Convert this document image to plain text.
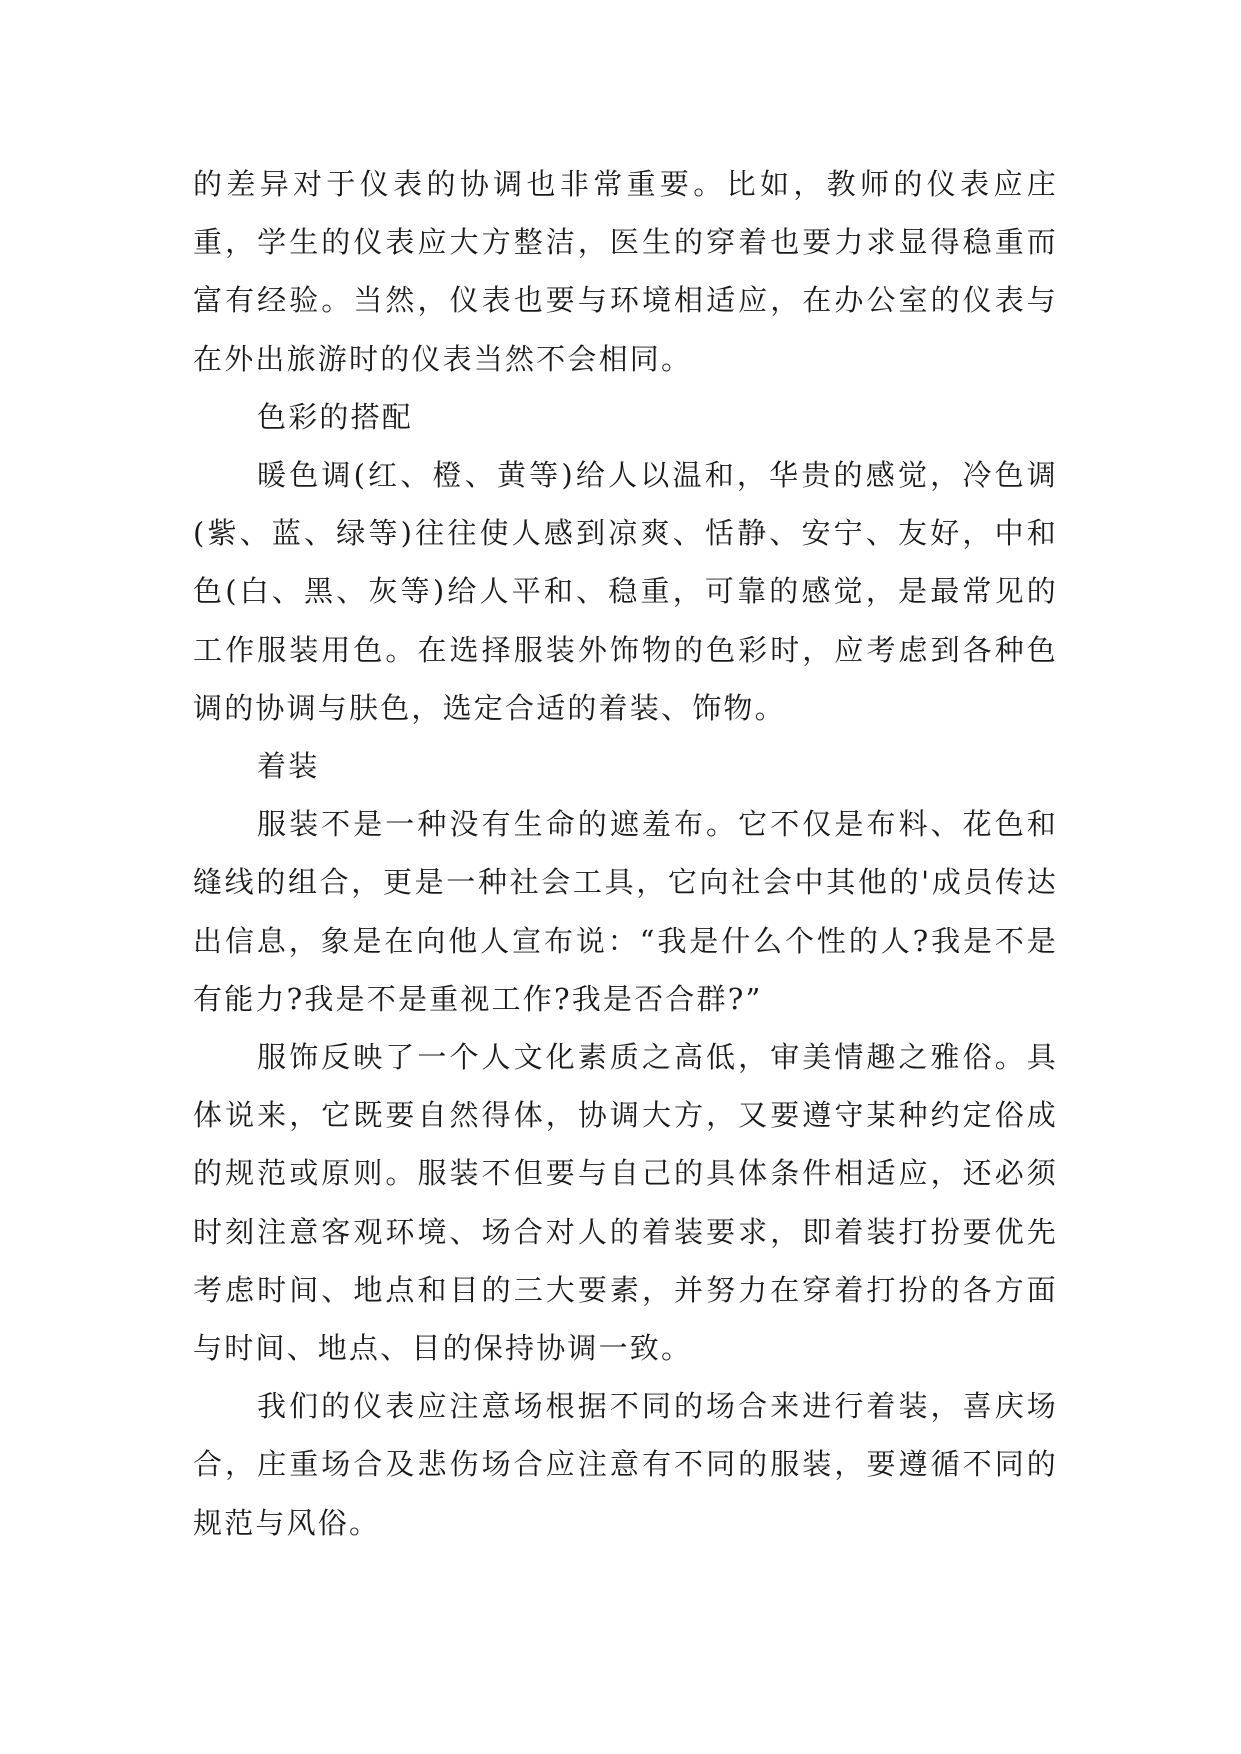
的差异对于仪表的协调也非常重要。比如，教师的仪表应庄重，学生的仪表应大方整洁，医生的穿着也要力求显得稳重而富有经验。当然，仪表也要与环境相适应，在办公室的仪表与在外出旅游时的仪表当然不会相同。

色彩的搭配

暖色调(红、橙、黄等)给人以温和，华贵的感觉，冷色调(紫、蓝、绿等)往往使人感到凉爽、恬静、安宁、友好，中和色(白、黑、灰等)给人平和、稳重，可靠的感觉，是最常见的工作服装用色。在选择服装外饰物的色彩时，应考虑到各种色调的协调与肤色，选定合适的着装、饰物。

着装

服装不是一种没有生命的遮羞布。它不仅是布料、花色和缝线的组合，更是一种社会工具，它向社会中其他的'成员传达出信息，象是在向他人宣布说：“我是什么个性的人?我是不是有能力?我是不是重视工作?我是否合群?”

服饰反映了一个人文化素质之高低，审美情趣之雅俗。具体说来，它既要自然得体，协调大方，又要遵守某种约定俗成的规范或原则。服装不但要与自己的具体条件相适应，还必须时刻注意客观环境、场合对人的着装要求，即着装打扮要优先考虑时间、地点和目的三大要素，并努力在穿着打扮的各方面与时间、地点、目的保持协调一致。

我们的仪表应注意场根据不同的场合来进行着装，喜庆场合，庄重场合及悲伤场合应注意有不同的服装，要遵循不同的规范与风俗。
